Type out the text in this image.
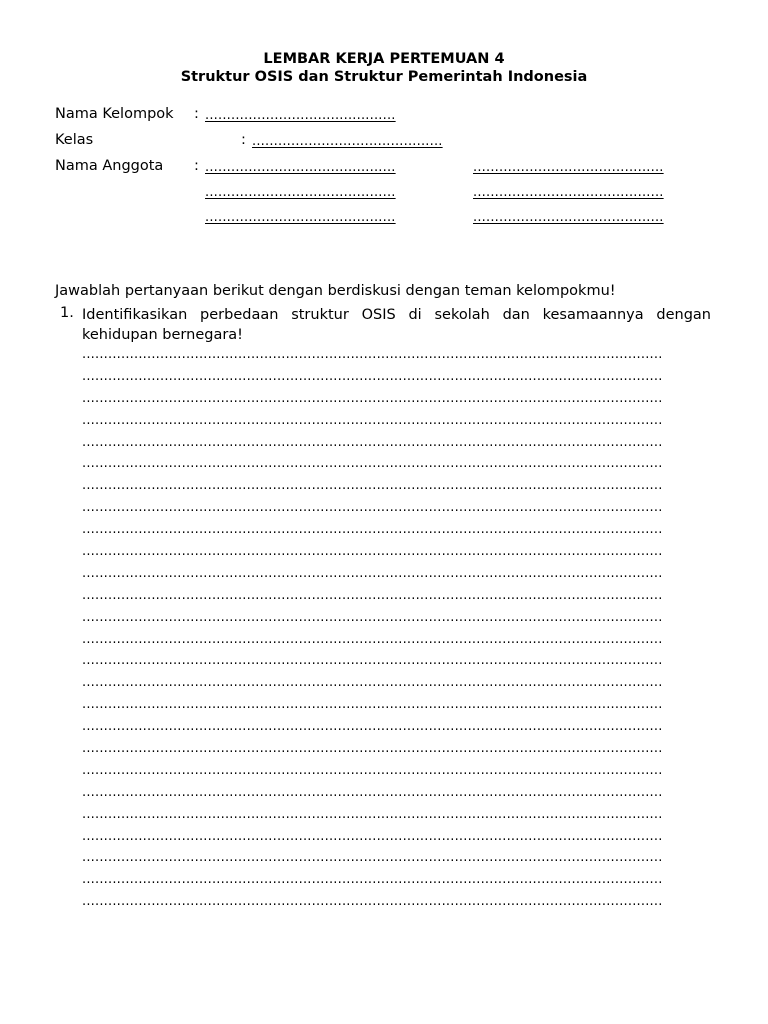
LEMBAR KERJA PERTEMUAN 4
Struktur OSIS dan Struktur Pemerintah Indonesia
Nama Kelompok : ............................................
Kelas	: ............................................
Nama Anggota : ............................................	............................................
............................................	............................................
............................................	............................................
Jawablah pertanyaan berikut dengan berdiskusi dengan teman kelompokmu!
1. Identifikasikan perbedaan struktur OSIS di sekolah dan kesamaannya dengan kehidupan bernegara!
......................................................................................................................................
......................................................................................................................................
......................................................................................................................................
......................................................................................................................................
......................................................................................................................................
......................................................................................................................................
......................................................................................................................................
......................................................................................................................................
......................................................................................................................................
......................................................................................................................................
......................................................................................................................................
......................................................................................................................................
......................................................................................................................................
......................................................................................................................................
......................................................................................................................................
......................................................................................................................................
......................................................................................................................................
......................................................................................................................................
......................................................................................................................................
......................................................................................................................................
......................................................................................................................................
......................................................................................................................................
......................................................................................................................................
......................................................................................................................................
......................................................................................................................................
......................................................................................................................................
